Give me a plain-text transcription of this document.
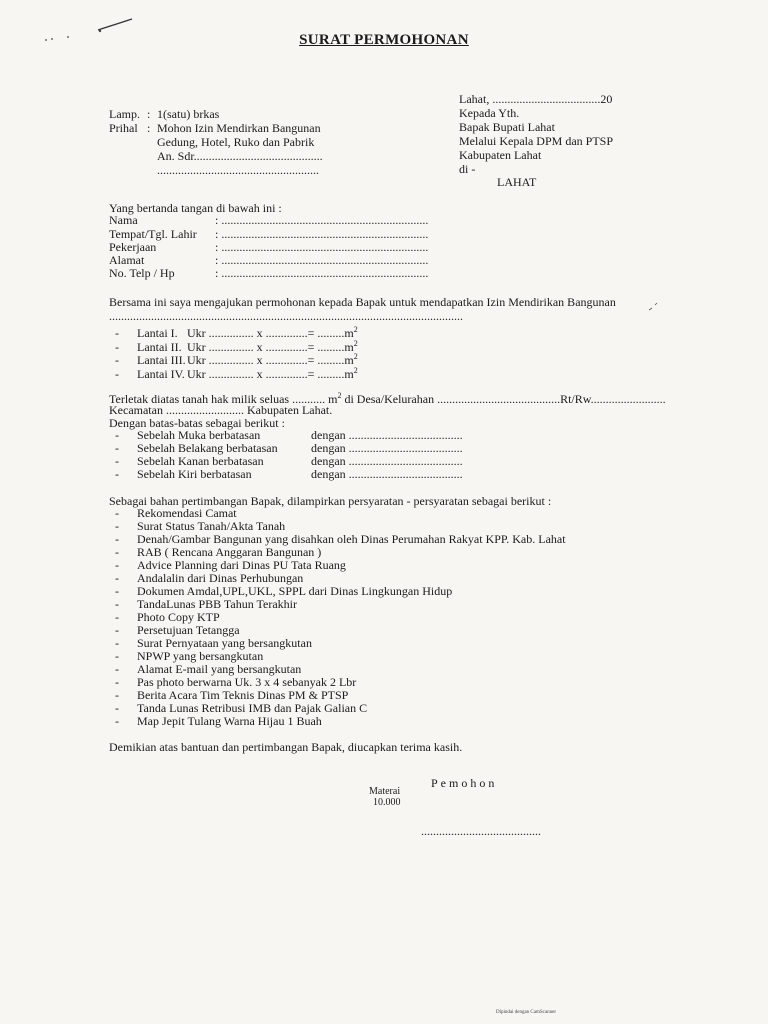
SURAT PERMOHONAN
Lamp. : 1(satu) brkas
Prihal : Mohon Izin Mendirkan Bangunan
Gedung, Hotel, Ruko dan Pabrik
An. Sdr...........................................
......................................................
Lahat, ....................................20
Kepada Yth.
Bapak Bupati Lahat
Melalui Kepala DPM dan PTSP
Kabupaten Lahat
di -
LAHAT
Yang bertanda tangan di bawah ini :
Nama	: .....................................................................
Tempat/Tgl. Lahir : .....................................................................
Pekerjaan	: .....................................................................
Alamat	: .....................................................................
No. Telp / Hp	: .....................................................................
Bersama ini saya mengajukan permohonan kepada Bapak untuk mendapatkan Izin Mendirikan Bangunan
......................................................................................................................
- Lantai I. Ukr ............... x ..............= $.........m^2$
- Lantai II. Ukr ............... x ..............= $.........m^2$
- Lantai III.Ukr ............... x ..............= $.........m^2$
- Lantai IV. Ukr ............... x ..............= $.........m^2$
Terletak diatas tanah hak milik seluas ........... $m^2$ di Desa/Kelurahan .........................................Rt/Rw.........................
Kecamatan .......................... Kabupaten Lahat.
Dengan batas-batas sebagai berikut :
- Sebelah Muka berbatasan	dengan ......................................
- Sebelah Belakang berbatasan	dengan ......................................
- Sebelah Kanan berbatasan	dengan ......................................
- Sebelah Kiri berbatasan	dengan ......................................
Sebagai bahan pertimbangan Bapak, dilampirkan persyaratan - persyaratan sebagai berikut :
- Rekomendasi Camat
- Surat Status Tanah/Akta Tanah
- Denah/Gambar Bangunan yang disahkan oleh Dinas Perumahan Rakyat KPP. Kab. Lahat
- RAB ( Rencana Anggaran Bangunan )
- Advice Planning dari Dinas PU Tata Ruang
- Andalalin dari Dinas Perhubungan
- Dokumen Amdal,UPL,UKL, SPPL dari Dinas Lingkungan Hidup
- TandaLunas PBB Tahun Terakhir
- Photo Copy KTP
- Persetujuan Tetangga
- Surat Pernyataan yang bersangkutan
- NPWP yang bersangkutan
- Alamat E-mail yang bersangkutan
- Pas photo berwarna Uk. 3 x 4 sebanyak 2 Lbr
- Berita Acara Tim Teknis Dinas PM & PTSP
- Tanda Lunas Retribusi IMB dan Pajak Galian C
- Map Jepit Tulang Warna Hijau 1 Buah
Demikian atas bantuan dan pertimbangan Bapak, diucapkan terima kasih.
Pemohon
Materai
10.000
........................................
Dipindai dengan CamScanner
